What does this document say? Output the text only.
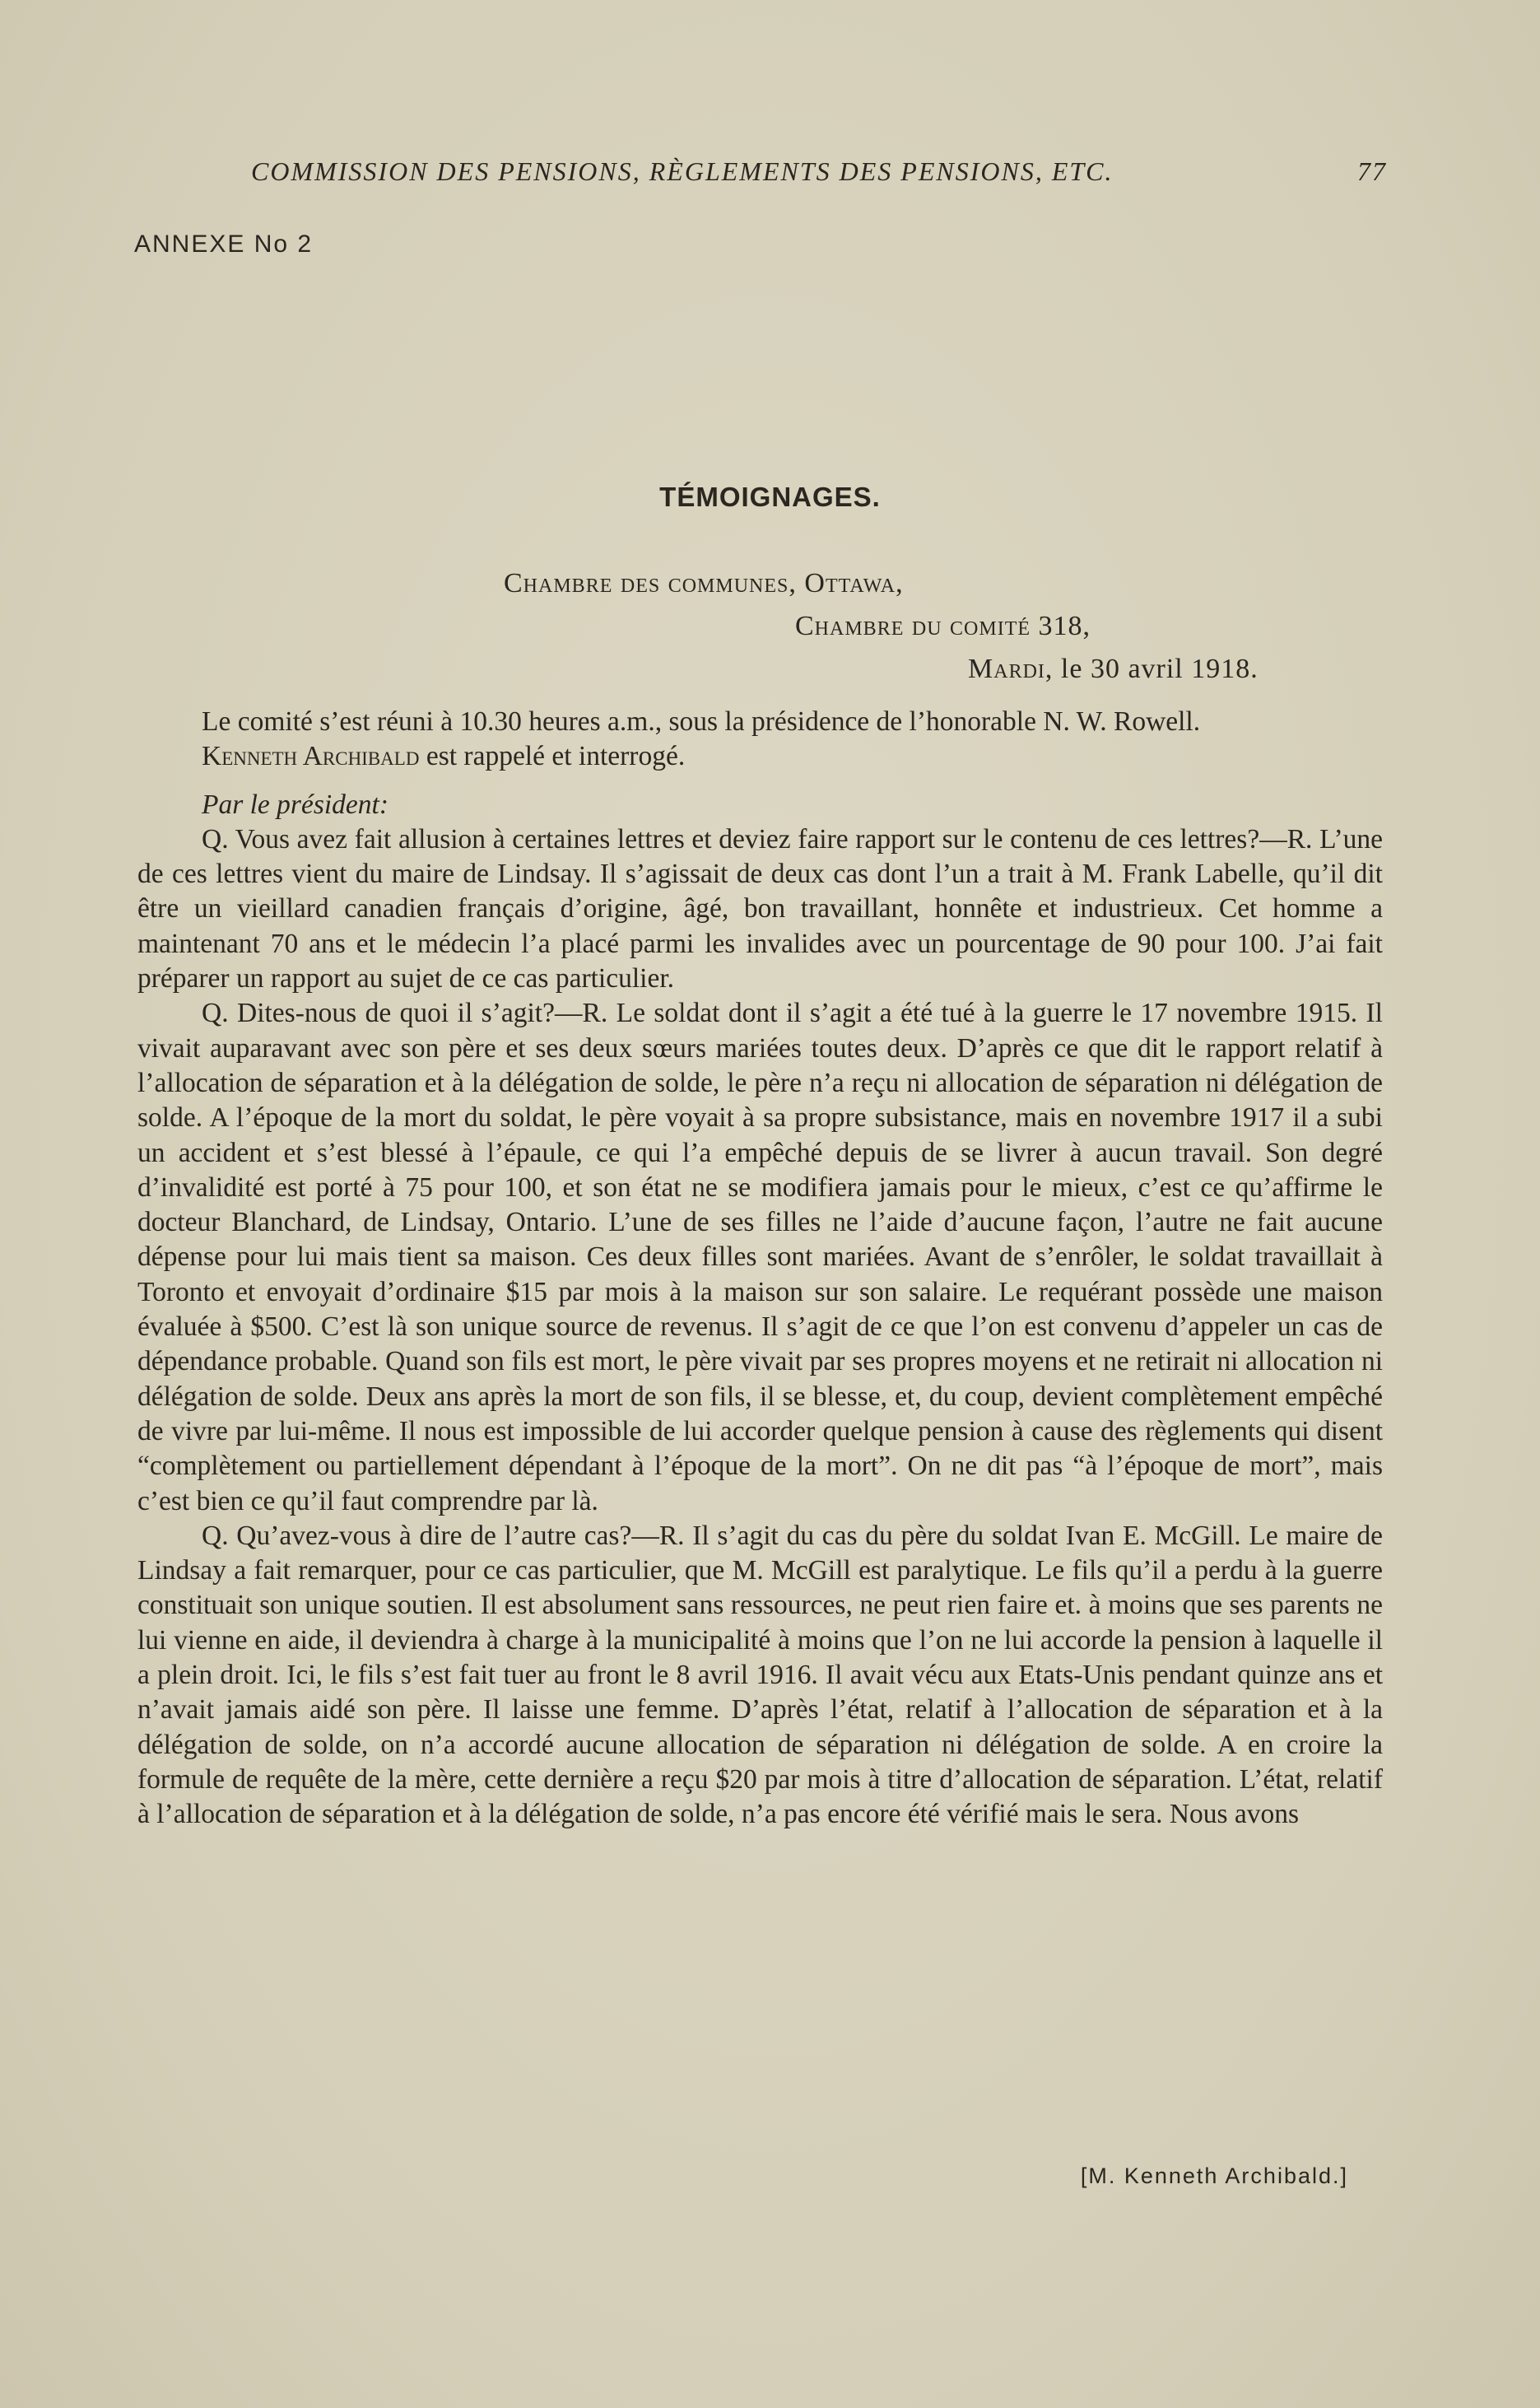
COMMISSION DES PENSIONS, RÈGLEMENTS DES PENSIONS, ETC.	77
ANNEXE No 2
TÉMOIGNAGES.
Chambre des communes, Ottawa,
Chambre du comité 318,
Mardi, le 30 avril 1918.

Le comité s’est réuni à 10.30 heures a.m., sous la présidence de l’honorable N. W. Rowell.

Kenneth Archibald est rappelé et interrogé.

Par le président:

Q. Vous avez fait allusion à certaines lettres et deviez faire rapport sur le contenu de ces lettres?—R. L’une de ces lettres vient du maire de Lindsay. Il s’agissait de deux cas dont l’un a trait à M. Frank Labelle, qu’il dit être un vieillard canadien français d’origine, âgé, bon travaillant, honnête et industrieux. Cet homme a maintenant 70 ans et le médecin l’a placé parmi les invalides avec un pourcentage de 90 pour 100. J’ai fait préparer un rapport au sujet de ce cas particulier.

Q. Dites-nous de quoi il s’agit?—R. Le soldat dont il s’agit a été tué à la guerre le 17 novembre 1915. Il vivait auparavant avec son père et ses deux sœurs mariées toutes deux. D’après ce que dit le rapport relatif à l’allocation de séparation et à la délégation de solde, le père n’a reçu ni allocation de séparation ni délégation de solde. A l’époque de la mort du soldat, le père voyait à sa propre subsistance, mais en novembre 1917 il a subi un accident et s’est blessé à l’épaule, ce qui l’a empêché depuis de se livrer à aucun travail. Son degré d’invalidité est porté à 75 pour 100, et son état ne se modifiera jamais pour le mieux, c’est ce qu’affirme le docteur Blanchard, de Lindsay, Ontario. L’une de ses filles ne l’aide d’aucune façon, l’autre ne fait aucune dépense pour lui mais tient sa maison. Ces deux filles sont mariées. Avant de s’enrôler, le soldat travaillait à Toronto et envoyait d’ordinaire $15 par mois à la maison sur son salaire. Le requérant possède une maison évaluée à $500. C’est là son unique source de revenus. Il s’agit de ce que l’on est convenu d’appeler un cas de dépendance probable. Quand son fils est mort, le père vivait par ses propres moyens et ne retirait ni allocation ni délégation de solde. Deux ans après la mort de son fils, il se blesse, et, du coup, devient complètement empêché de vivre par lui-même. Il nous est impossible de lui accorder quelque pension à cause des règlements qui disent “complètement ou partiellement dépendant à l’époque de la mort”. On ne dit pas “à l’époque de mort”, mais c’est bien ce qu’il faut comprendre par là.

Q. Qu’avez-vous à dire de l’autre cas?—R. Il s’agit du cas du père du soldat Ivan E. McGill. Le maire de Lindsay a fait remarquer, pour ce cas particulier, que M. McGill est paralytique. Le fils qu’il a perdu à la guerre constituait son unique soutien. Il est absolument sans ressources, ne peut rien faire et. à moins que ses parents ne lui vienne en aide, il deviendra à charge à la municipalité à moins que l’on ne lui accorde la pension à laquelle il a plein droit. Ici, le fils s’est fait tuer au front le 8 avril 1916. Il avait vécu aux Etats-Unis pendant quinze ans et n’avait jamais aidé son père. Il laisse une femme. D’après l’état, relatif à l’allocation de séparation et à la délégation de solde, on n’a accordé aucune allocation de séparation ni délégation de solde. A en croire la formule de requête de la mère, cette dernière a reçu $20 par mois à titre d’allocation de séparation. L’état, relatif à l’allocation de séparation et à la délégation de solde, n’a pas encore été vérifié mais le sera. Nous avons

[M. Kenneth Archibald.]
